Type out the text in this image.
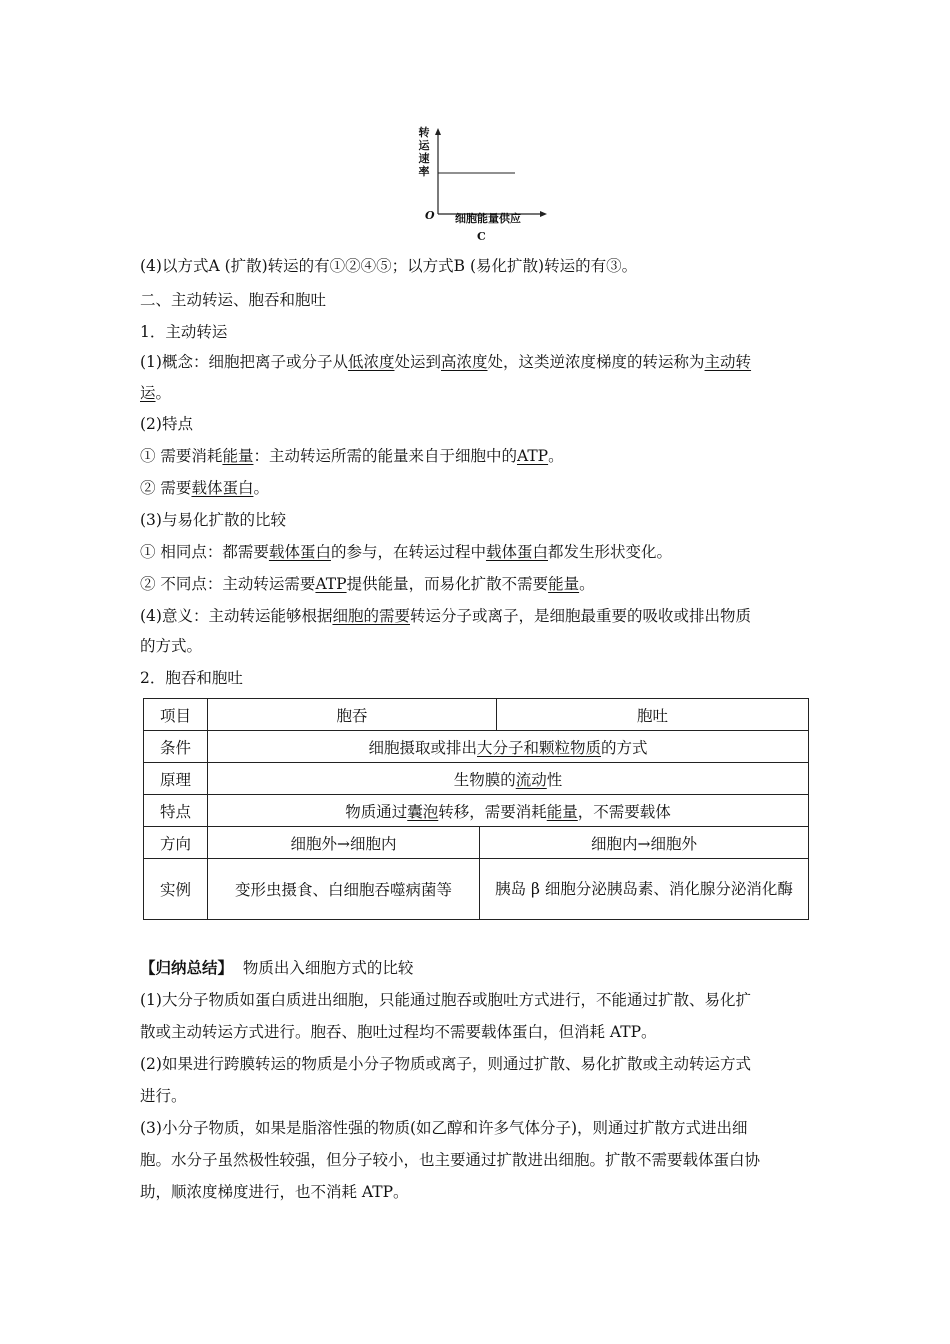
转运速率
O 细胞能量供应
C
(4)以方式A (扩散)转运的有①②④⑤；以方式B (易化扩散)转运的有③。
二、主动转运、胞吞和胞吐
1．主动转运
(1)概念：细胞把离子或分子从低浓度处运到高浓度处，这类逆浓度梯度的转运称为主动转
运。
(2)特点
① 需要消耗能量：主动转运所需的能量来自于细胞中的ATP。
② 需要载体蛋白。
(3)与易化扩散的比较
① 相同点：都需要载体蛋白的参与，在转运过程中载体蛋白都发生形状变化。
② 不同点：主动转运需要ATP提供能量，而易化扩散不需要能量。
(4)意义：主动转运能够根据细胞的需要转运分子或离子，是细胞最重要的吸收或排出物质
的方式。
2．胞吞和胞吐
项目	胞吞		胞吐
条件	细胞摄取或排出大分子和颗粒物质的方式		
原理	生物膜的流动性		
特点	物质通过囊泡转移，需要消耗能量，不需要载体		
方向	细胞外→细胞内	细胞内→细胞外	
实例	变形虫摄食、白细胞吞噬病菌等	胰岛 β 细胞分泌胰岛素、消化腺分泌消化酶	
【归纳总结】 物质出入细胞方式的比较
(1)大分子物质如蛋白质进出细胞，只能通过胞吞或胞吐方式进行，不能通过扩散、易化扩
散或主动转运方式进行。胞吞、胞吐过程均不需要载体蛋白，但消耗 ATP。
(2)如果进行跨膜转运的物质是小分子物质或离子，则通过扩散、易化扩散或主动转运方式
进行。
(3)小分子物质，如果是脂溶性强的物质(如乙醇和许多气体分子)，则通过扩散方式进出细
胞。水分子虽然极性较强，但分子较小，也主要通过扩散进出细胞。扩散不需要载体蛋白协
助，顺浓度梯度进行，也不消耗 ATP。
